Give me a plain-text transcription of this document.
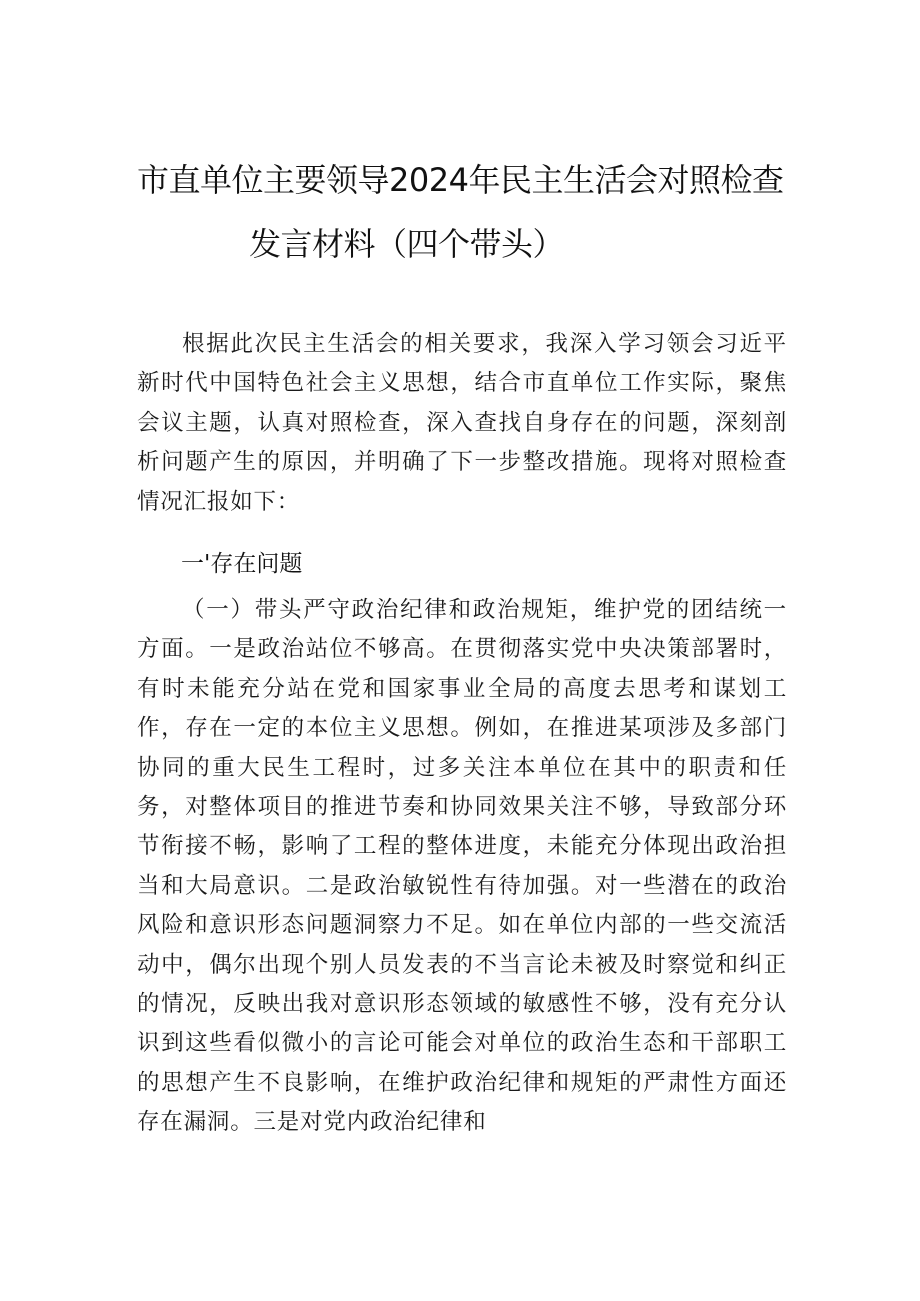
市直单位主要领导2024年民主生活会对照检查
发言材料（四个带头）

根据此次民主生活会的相关要求，我深入学习领会习近平新时代中国特色社会主义思想，结合市直单位工作实际，聚焦会议主题，认真对照检查，深入查找自身存在的问题，深刻剖析问题产生的原因，并明确了下一步整改措施。现将对照检查情况汇报如下：

一'存在问题

（一）带头严守政治纪律和政治规矩，维护党的团结统一方面。一是政治站位不够高。在贯彻落实党中央决策部署时，有时未能充分站在党和国家事业全局的高度去思考和谋划工作，存在一定的本位主义思想。例如，在推进某项涉及多部门协同的重大民生工程时，过多关注本单位在其中的职责和任务，对整体项目的推进节奏和协同效果关注不够，导致部分环节衔接不畅，影响了工程的整体进度，未能充分体现出政治担当和大局意识。二是政治敏锐性有待加强。对一些潜在的政治风险和意识形态问题洞察力不足。如在单位内部的一些交流活动中，偶尔出现个别人员发表的不当言论未被及时察觉和纠正的情况，反映出我对意识形态领域的敏感性不够，没有充分认识到这些看似微小的言论可能会对单位的政治生态和干部职工的思想产生不良影响，在维护政治纪律和规矩的严肃性方面还存在漏洞。三是对党内政治纪律和
